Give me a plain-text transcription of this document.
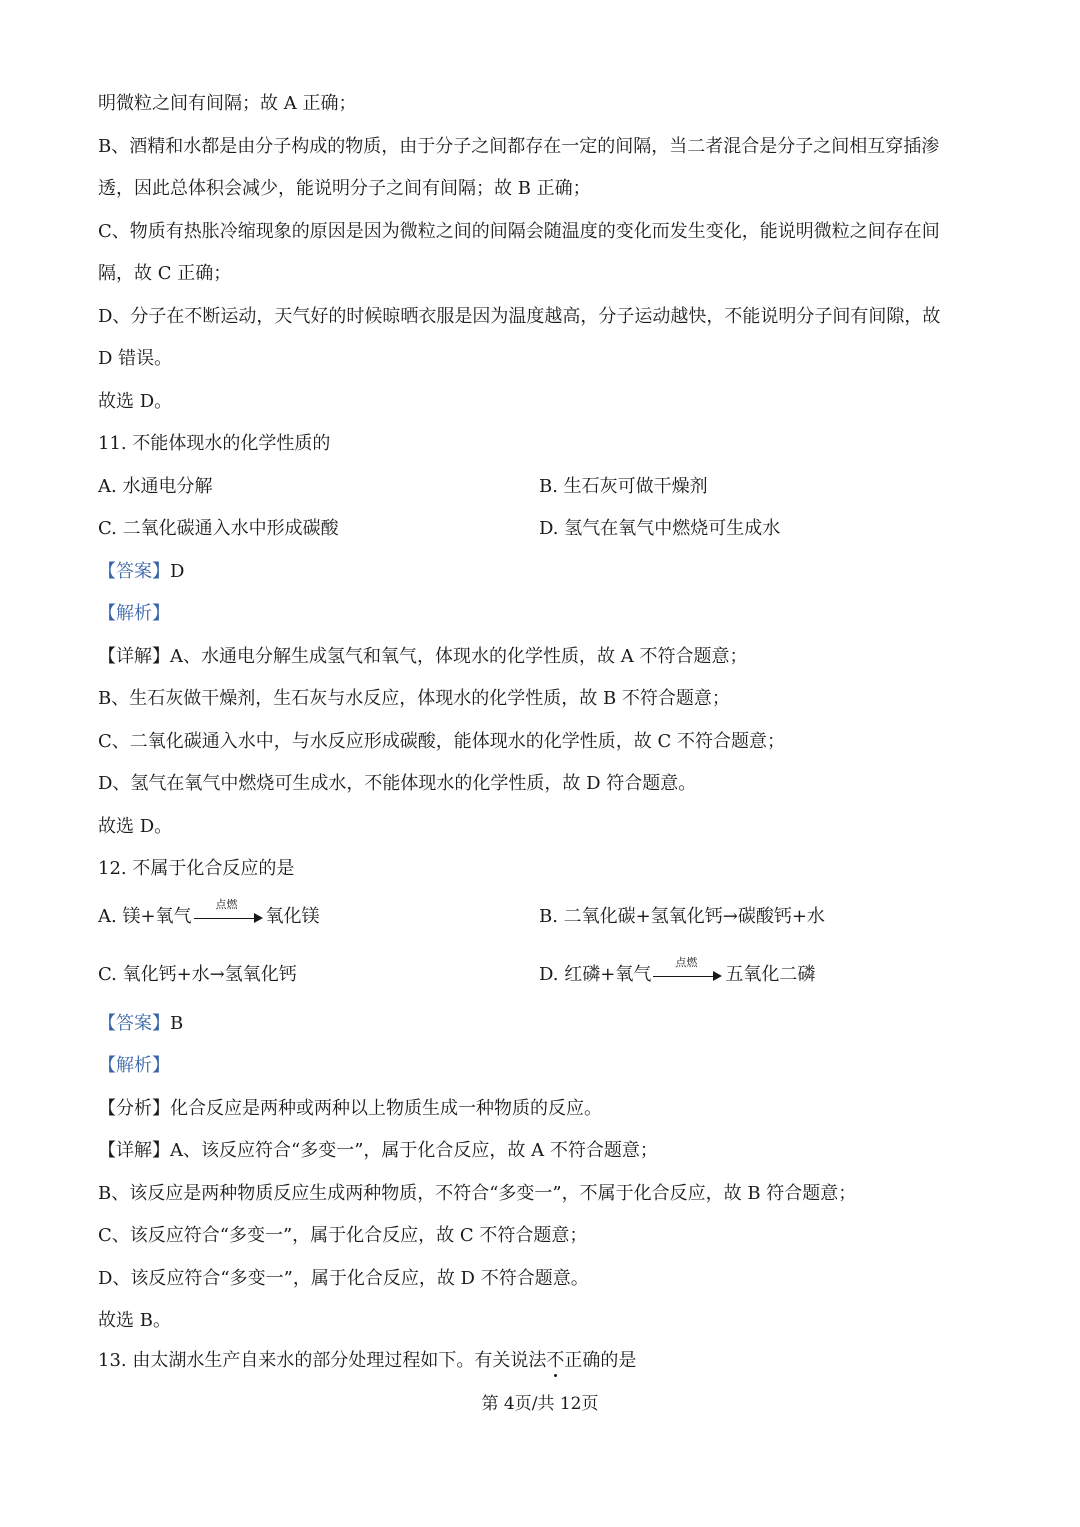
明微粒之间有间隔；故 A 正确；
B、酒精和水都是由分子构成的物质，由于分子之间都存在一定的间隔，当二者混合是分子之间相互穿插渗
透，因此总体积会减少，能说明分子之间有间隔；故 B 正确；
C、物质有热胀冷缩现象的原因是因为微粒之间的间隔会随温度的变化而发生变化，能说明微粒之间存在间
隔，故 C 正确；
D、分子在不断运动，天气好的时候晾晒衣服是因为温度越高，分子运动越快，不能说明分子间有间隙，故
D 错误。
故选 D。
11. 不能体现水的化学性质的
A. 水通电分解	B. 生石灰可做干燥剂
C. 二氧化碳通入水中形成碳酸	D. 氢气在氧气中燃烧可生成水
【答案】D
【解析】
【详解】A、水通电分解生成氢气和氧气，体现水的化学性质，故 A 不符合题意；
B、生石灰做干燥剂，生石灰与水反应，体现水的化学性质，故 B 不符合题意；
C、二氧化碳通入水中，与水反应形成碳酸，能体现水的化学性质，故 C 不符合题意；
D、氢气在氧气中燃烧可生成水，不能体现水的化学性质，故 D 符合题意。
故选 D。
12. 不属于化合反应的是
A. 镁+氧气
点燃
氧化镁	B. 二氧化碳+氢氧化钙→碳酸钙+水
C. 氧化钙+水→氢氧化钙	D. 红磷+氧气
点燃
五氧化二磷
【答案】B
【解析】
【分析】化合反应是两种或两种以上物质生成一种物质的反应。
【详解】A、该反应符合“多变一”，属于化合反应，故 A 不符合题意；
B、该反应是两种物质反应生成两种物质，不符合“多变一”，不属于化合反应，故 B 符合题意；
C、该反应符合“多变一”，属于化合反应，故 C 不符合题意；
D、该反应符合“多变一”，属于化合反应，故 D 不符合题意。
故选 B。
13. 由太湖水生产自来水的部分处理过程如下。有关说法不正确的是
第 4页/共 12页
